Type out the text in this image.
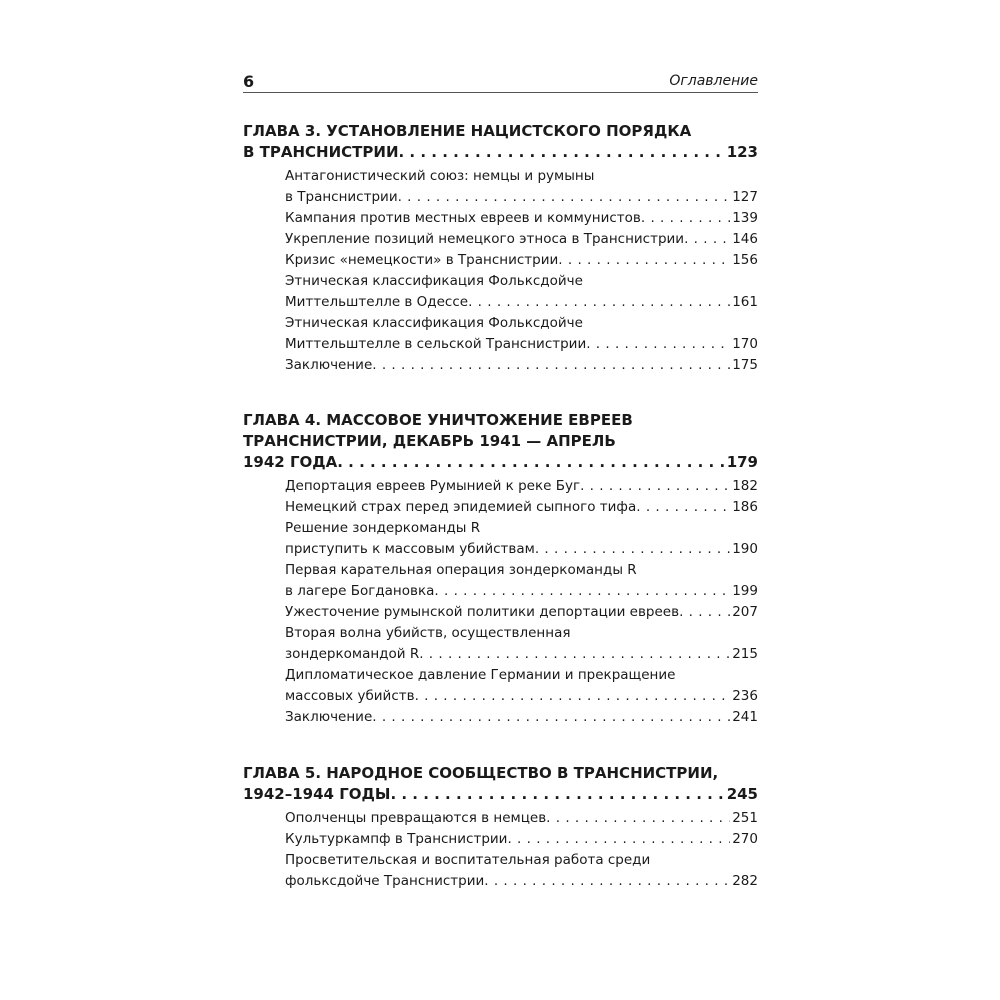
6	Оглавление
ГЛАВА 3. УСТАНОВЛЕНИЕ НАЦИСТСКОГО ПОРЯДКА
В ТРАНСНИСТРИИ . . .	123
Антагонистический союз: немцы и румыны
в Транснистрии . . .	127
Кампания против местных евреев и коммунистов . . .	139
Укрепление позиций немецкого этноса в Транснистрии . . .	146
Кризис «немецкости» в Транснистрии . . .	156
Этническая классификация Фольксдойче
Миттельштелле в Одессе . . .	161
Этническая классификация Фольксдойче
Миттельштелле в сельской Транснистрии . . .	170
Заключение . . .	175
ГЛАВА 4. МАССОВОЕ УНИЧТОЖЕНИЕ ЕВРЕЕВ
ТРАНСНИСТРИИ, ДЕКАБРЬ 1941 — АПРЕЛЬ
1942 ГОДА . . .	179
Депортация евреев Румынией к реке Буг . . .	182
Немецкий страх перед эпидемией сыпного тифа . . .	186
Решение зондеркоманды R
приступить к массовым убийствам . . .	190
Первая карательная операция зондеркоманды R
в лагере Богдановка . . .	199
Ужесточение румынской политики депортации евреев . . .	207
Вторая волна убийств, осуществленная
зондеркомандой R . . .	215
Дипломатическое давление Германии и прекращение
массовых убийств . . .	236
Заключение . . .	241
ГЛАВА 5. НАРОДНОЕ СООБЩЕСТВО В ТРАНСНИСТРИИ,
1942–1944 ГОДЫ . . .	245
Ополченцы превращаются в немцев . . .	251
Культуркампф в Транснистрии . . .	270
Просветительская и воспитательная работа среди
фольксдойче Транснистрии . . .	282
